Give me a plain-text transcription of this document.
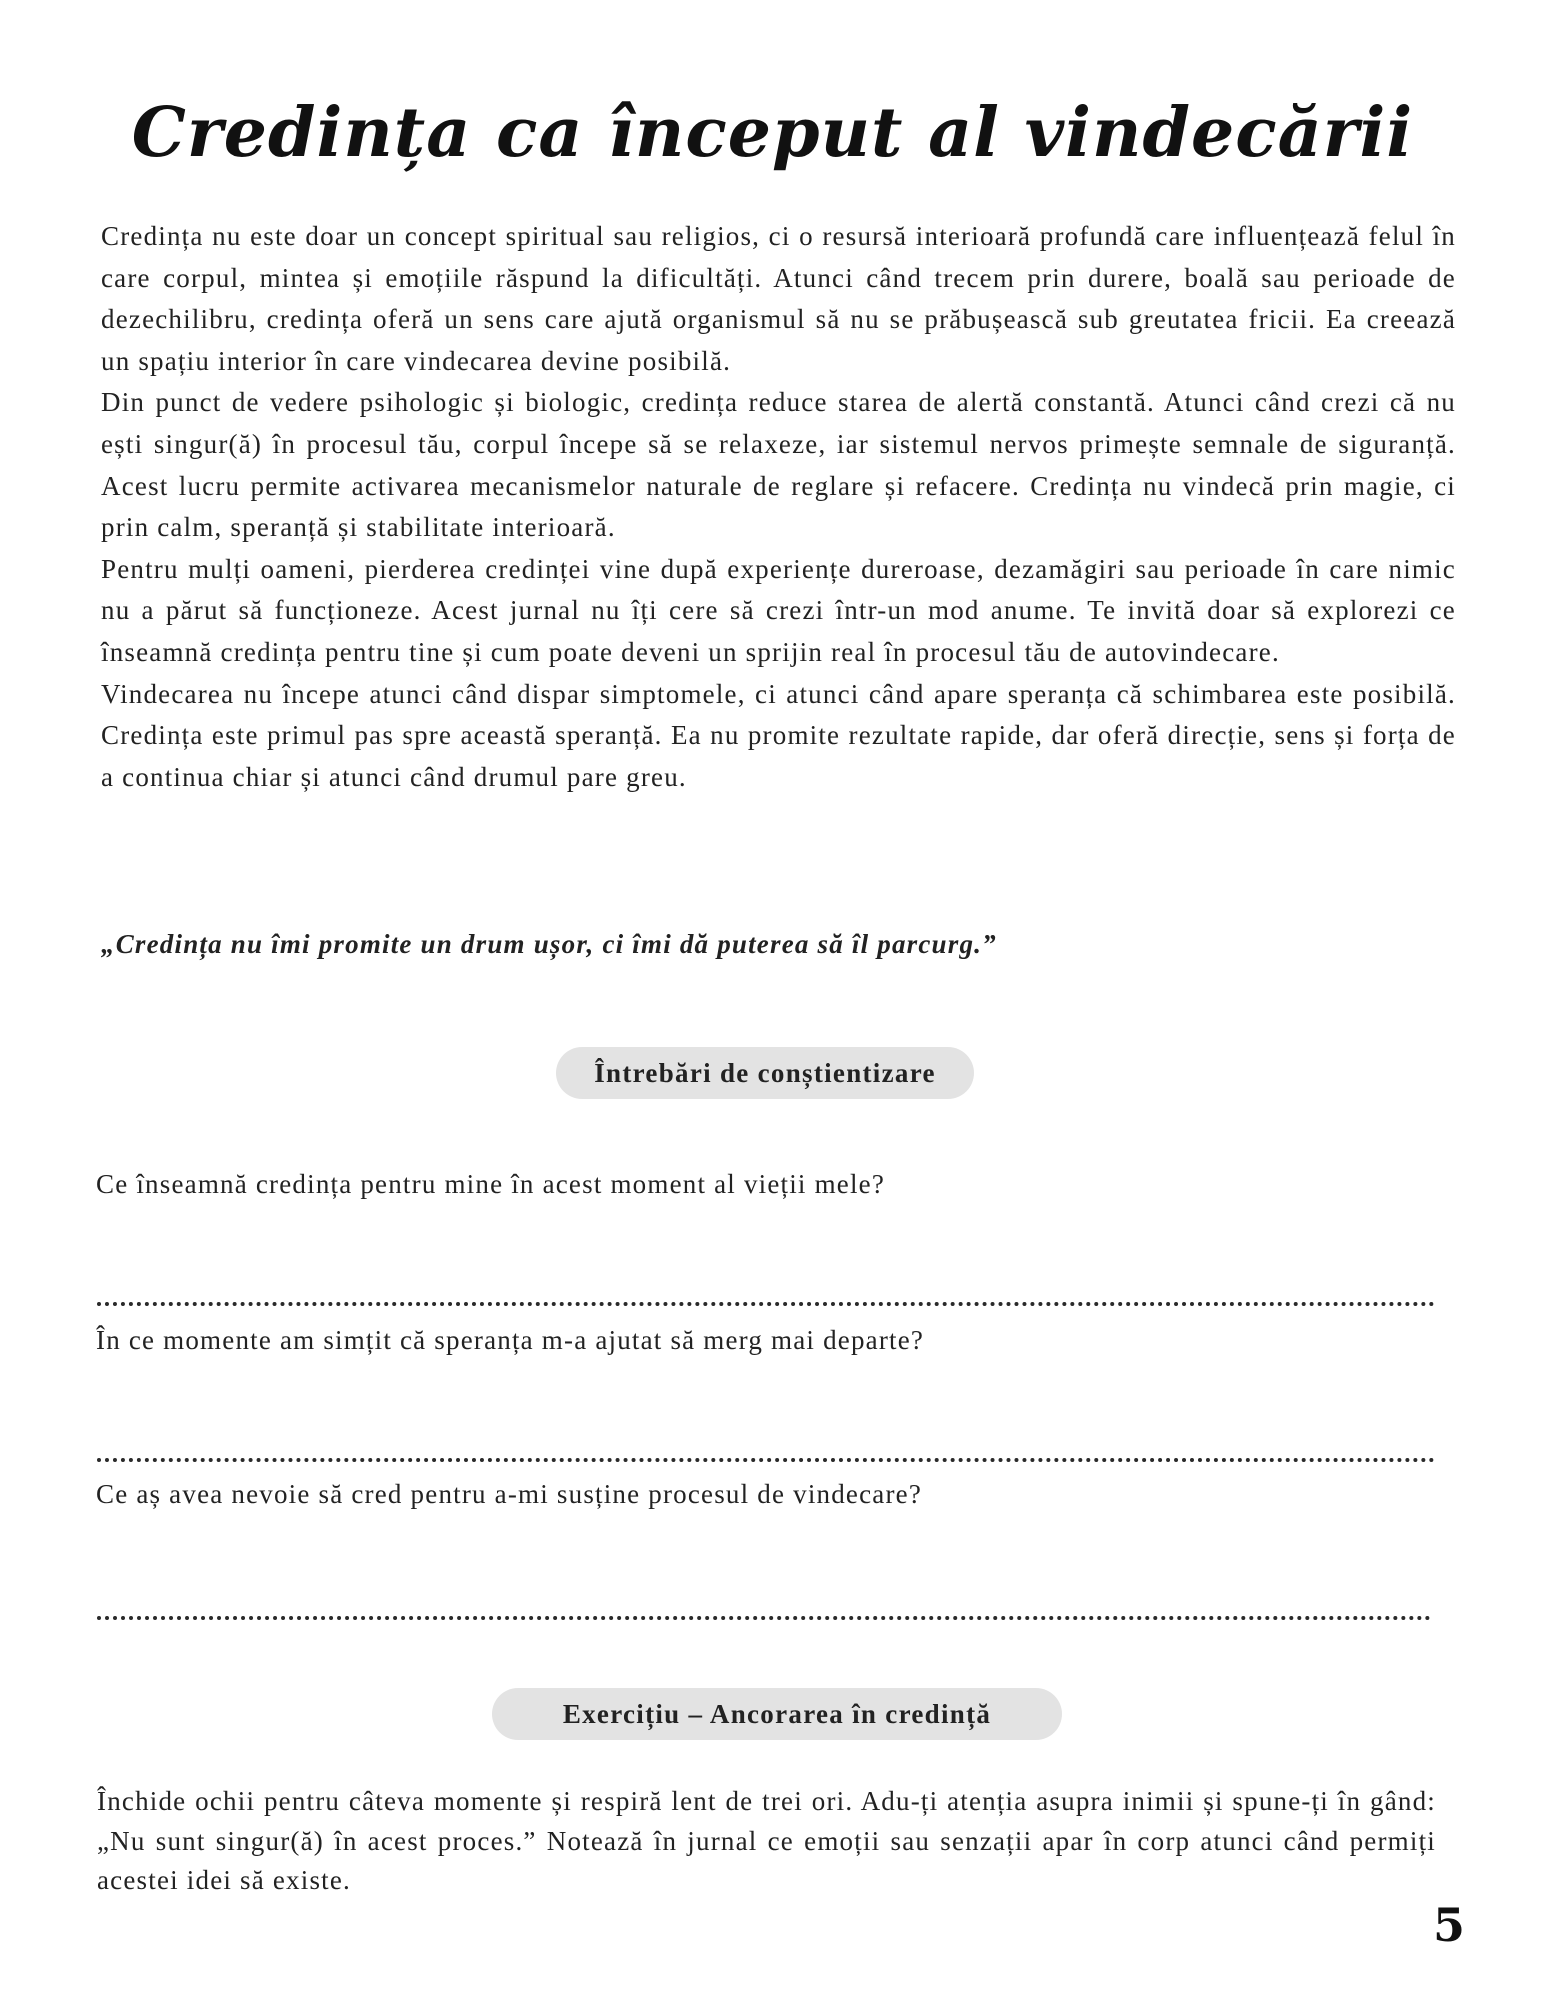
Credința ca început al vindecării

Credința nu este doar un concept spiritual sau religios, ci o resursă interioară profundă care influențează felul în care corpul, mintea și emoțiile răspund la dificultăți. Atunci când trecem prin durere, boală sau perioade de dezechilibru, credința oferă un sens care ajută organismul să nu se prăbușească sub greutatea fricii. Ea creează un spațiu interior în care vindecarea devine posibilă.

Din punct de vedere psihologic și biologic, credința reduce starea de alertă constantă. Atunci când crezi că nu ești singur(ă) în procesul tău, corpul începe să se relaxeze, iar sistemul nervos primește semnale de siguranță. Acest lucru permite activarea mecanismelor naturale de reglare și refacere. Credința nu vindecă prin magie, ci prin calm, speranță și stabilitate interioară.

Pentru mulți oameni, pierderea credinței vine după experiențe dureroase, dezamăgiri sau perioade în care nimic nu a părut să funcționeze. Acest jurnal nu îți cere să crezi într-un mod anume. Te invită doar să explorezi ce înseamnă credința pentru tine și cum poate deveni un sprijin real în procesul tău de autovindecare.

Vindecarea nu începe atunci când dispar simptomele, ci atunci când apare speranța că schimbarea este posibilă. Credința este primul pas spre această speranță. Ea nu promite rezultate rapide, dar oferă direcție, sens și forța de a continua chiar și atunci când drumul pare greu.

„Credința nu îmi promite un drum ușor, ci îmi dă puterea să îl parcurg.”
Întrebări de conștientizare
Ce înseamnă credința pentru mine în acest moment al vieții mele?
În ce momente am simțit că speranța m-a ajutat să merg mai departe?
Ce aș avea nevoie să cred pentru a-mi susține procesul de vindecare?
Exercițiu – Ancorarea în credință
Închide ochii pentru câteva momente și respiră lent de trei ori. Adu-ți atenția asupra inimii și spune-ți în gând: „Nu sunt singur(ă) în acest proces.” Notează în jurnal ce emoții sau senzații apar în corp atunci când permiți acestei idei să existe.
5
